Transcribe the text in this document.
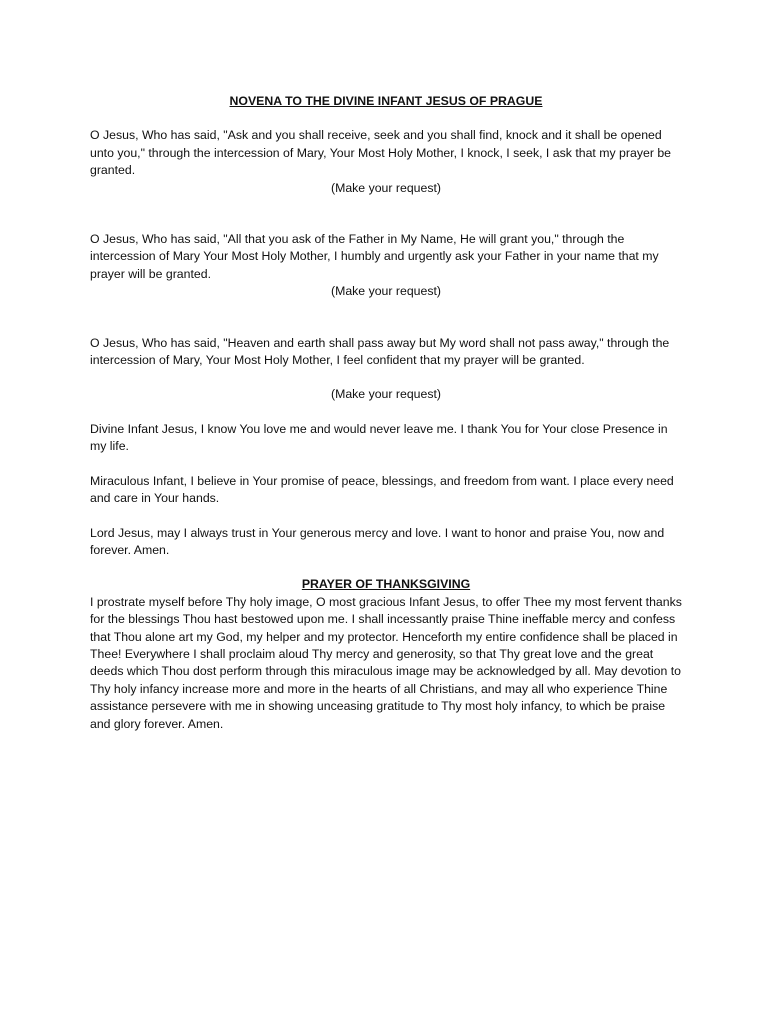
NOVENA TO THE DIVINE INFANT JESUS OF PRAGUE

O Jesus, Who has said, "Ask and you shall receive, seek and you shall find, knock and it shall be opened unto you," through the intercession of Mary, Your Most Holy Mother, I knock, I seek, I ask that my prayer be granted.

(Make your request)

O Jesus, Who has said, "All that you ask of the Father in My Name, He will grant you," through the intercession of Mary Your Most Holy Mother, I humbly and urgently ask your Father in your name that my prayer will be granted.

(Make your request)

O Jesus, Who has said, "Heaven and earth shall pass away but My word shall not pass away," through the intercession of Mary, Your Most Holy Mother, I feel confident that my prayer will be granted.

(Make your request)

Divine Infant Jesus, I know You love me and would never leave me. I thank You for Your close Presence in my life.

Miraculous Infant, I believe in Your promise of peace, blessings, and freedom from want. I place every need and care in Your hands.

Lord Jesus, may I always trust in Your generous mercy and love. I want to honor and praise You, now and forever. Amen.

PRAYER OF THANKSGIVING

I prostrate myself before Thy holy image, O most gracious Infant Jesus, to offer Thee my most fervent thanks for the blessings Thou hast bestowed upon me. I shall incessantly praise Thine ineffable mercy and confess that Thou alone art my God, my helper and my protector. Henceforth my entire confidence shall be placed in Thee! Everywhere I shall proclaim aloud Thy mercy and generosity, so that Thy great love and the great deeds which Thou dost perform through this miraculous image may be acknowledged by all. May devotion to Thy holy infancy increase more and more in the hearts of all Christians, and may all who experience Thine assistance persevere with me in showing unceasing gratitude to Thy most holy infancy, to which be praise and glory forever. Amen.
